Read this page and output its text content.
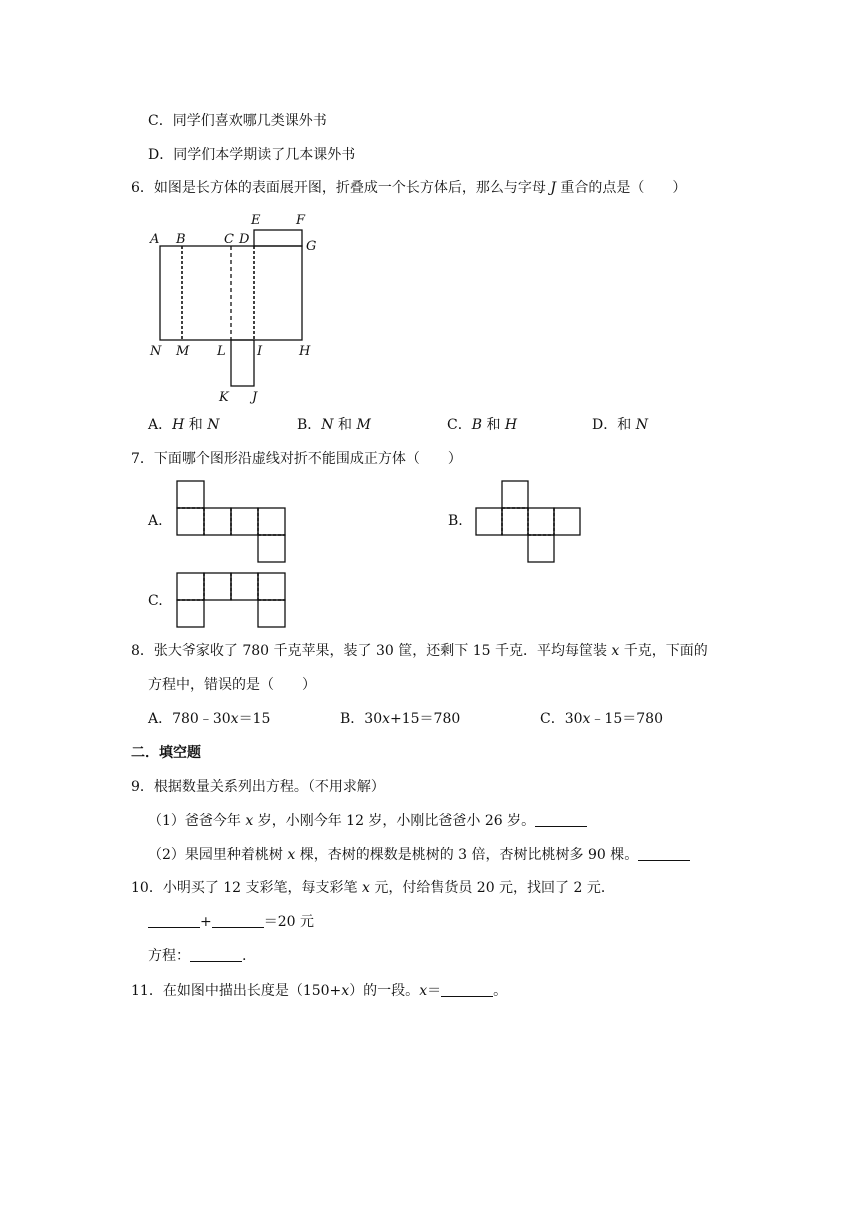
C．同学们喜欢哪几类课外书
D．同学们本学期读了几本课外书
6．如图是长方体的表面展开图，折叠成一个长方体后，那么与字母 J 重合的点是（　　）
A B	C D
E	F
G
N M L I	H
K J
A．H 和 N	B．N 和 M	C．B 和 H	D．和 N
7．下面哪个图形沿虚线对折不能围成正方体（　　）
A.	B.
C.
8．张大爷家收了 780 千克苹果，装了 30 筐，还剩下 15 千克．平均每筐装 x 千克，下面的
方程中，错误的是（　　）
A．780﹣30x＝15	B．30x+15＝780	C．30x﹣15＝780
二．填空题
9．根据数量关系列出方程。（不用求解）
（1）爸爸今年 x 岁，小刚今年 12 岁，小刚比爸爸小 26 岁。
（2）果园里种着桃树 x 棵，杏树的棵数是桃树的 3 倍，杏树比桃树多 90 棵。
10．小明买了 12 支彩笔，每支彩笔 x 元，付给售货员 20 元，找回了 2 元．
+	＝20 元
方程：	.
11．在如图中描出长度是（150+x）的一段。x＝	。
